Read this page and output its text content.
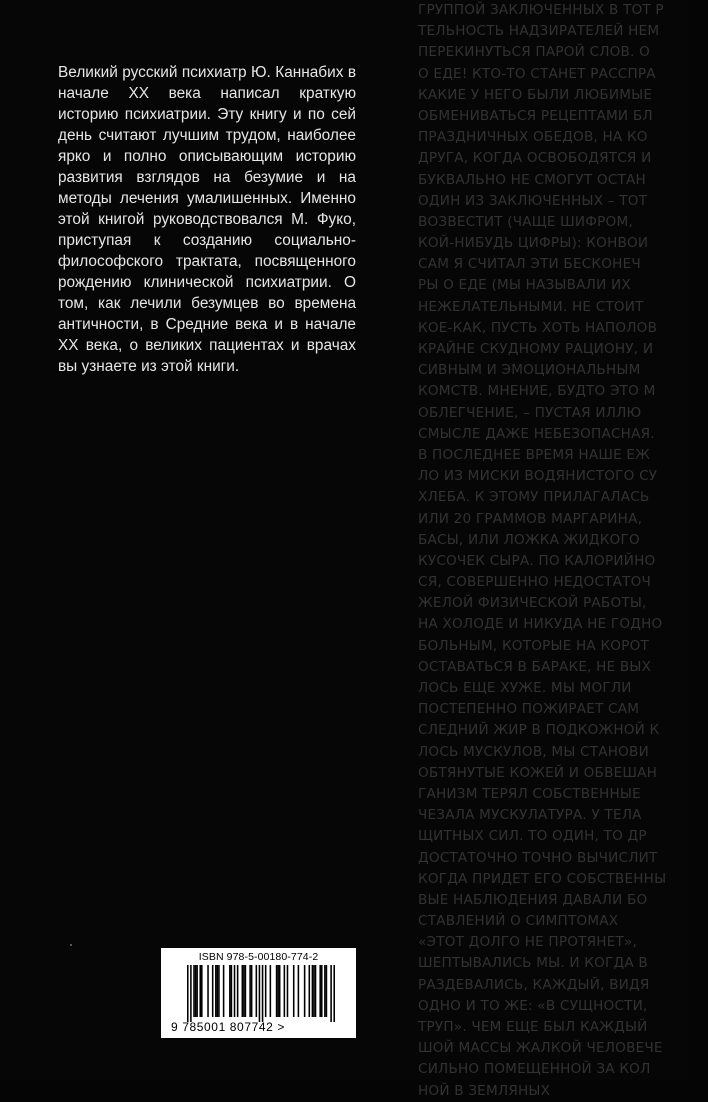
ГРУППОЙ ЗАКЛЮЧЕННЫХ В ТОТ Р
ТЕЛЬНОСТЬ НАДЗИРАТЕЛЕЙ НЕМ
ПЕРЕКИНУТЬСЯ ПАРОЙ СЛОВ. О
О ЕДЕ! КТО-ТО СТАНЕТ РАССПРА
КАКИЕ У НЕГО БЫЛИ ЛЮБИМЫЕ
ОБМЕНИВАТЬСЯ РЕЦЕПТАМИ БЛ
ПРАЗДНИЧНЫХ ОБЕДОВ, НА КО
ДРУГА, КОГДА ОСВОБОДЯТСЯ И
БУКВАЛЬНО НЕ СМОГУТ ОСТАН
ОДИН ИЗ ЗАКЛЮЧЕННЫХ – ТОТ
ВОЗВЕСТИТ (ЧАЩЕ ШИФРОМ,
КОЙ-НИБУДЬ ЦИФРЫ): КОНВОИ
САМ Я СЧИТАЛ ЭТИ БЕСКОНЕЧ
РЫ О ЕДЕ (МЫ НАЗЫВАЛИ ИХ
НЕЖЕЛАТЕЛЬНЫМИ. НЕ СТОИТ
КОЕ-КАК, ПУСТЬ ХОТЬ НАПОЛОВ
КРАЙНЕ СКУДНОМУ РАЦИОНУ, И
СИВНЫМ И ЭМОЦИОНАЛЬНЫМ
КОМСТВ. МНЕНИЕ, БУДТО ЭТО М
ОБЛЕГЧЕНИЕ, – ПУСТАЯ ИЛЛЮ
СМЫСЛЕ ДАЖЕ НЕБЕЗОПАСНАЯ.
В ПОСЛЕДНЕЕ ВРЕМЯ НАШЕ ЕЖ
ЛО ИЗ МИСКИ ВОДЯНИСТОГО СУ
ХЛЕБА. К ЭТОМУ ПРИЛАГАЛАСЬ
ИЛИ 20 ГРАММОВ МАРГАРИНА,
БАСЫ, ИЛИ ЛОЖКА ЖИДКОГО
КУСОЧЕК СЫРА. ПО КАЛОРИЙНО
СЯ, СОВЕРШЕННО НЕДОСТАТОЧ
ЖЕЛОЙ ФИЗИЧЕСКОЙ РАБОТЫ,
НА ХОЛОДЕ И НИКУДА НЕ ГОДНО
БОЛЬНЫМ, КОТОРЫЕ НА КОРОТ
ОСТАВАТЬСЯ В БАРАКЕ, НЕ ВЫХ
ЛОСЬ ЕЩЕ ХУЖЕ. МЫ МОГЛИ
ПОСТЕПЕННО ПОЖИРАЕТ САМ
СЛЕДНИЙ ЖИР В ПОДКОЖНОЙ К
ЛОСЬ МУСКУЛОВ, МЫ СТАНОВИ
ОБТЯНУТЫЕ КОЖЕЙ И ОБВЕШАН
ГАНИЗМ ТЕРЯЛ СОБСТВЕННЫЕ
ЧЕЗАЛА МУСКУЛАТУРА. У ТЕЛА
ЩИТНЫХ СИЛ. ТО ОДИН, ТО ДР
ДОСТАТОЧНО ТОЧНО ВЫЧИСЛИТ
КОГДА ПРИДЕТ ЕГО СОБСТВЕННЫ
ВЫЕ НАБЛЮДЕНИЯ ДАВАЛИ БО
СТАВЛЕНИЙ О СИМПТОМАХ
«ЭТОТ ДОЛГО НЕ ПРОТЯНЕТ»,
ШЕПТЫВАЛИСЬ МЫ. И КОГДА В
РАЗДЕВАЛИСЬ, КАЖДЫЙ, ВИДЯ
ОДНО И ТО ЖЕ: «В СУЩНОСТИ,
ТРУП». ЧЕМ ЕЩЕ БЫЛ КАЖДЫЙ
ШОЙ МАССЫ ЖАЛКОЙ ЧЕЛОВЕЧЕ
СИЛЬНО ПОМЕЩЕННОЙ ЗА КОЛ
НОЙ В ЗЕМЛЯНЫХ

Великий русский психиатр Ю. Каннабих в начале XX века написал краткую историю психиатрии. Эту книгу и по сей день считают лучшим трудом, наиболее ярко и полно описывающим историю развития взглядов на безумие и на методы лечения умалишенных. Именно этой книгой руководствовался М. Фуко, приступая к созданию социально-философского трактата, посвященного рождению клинической психиатрии. О том, как лечили безумцев во времена античности, в Средние века и в начале XX века, о великих пациентах и врачах вы узнаете из этой книги.

ISBN 978-5-00180-774-2
9 785001 807742 >
